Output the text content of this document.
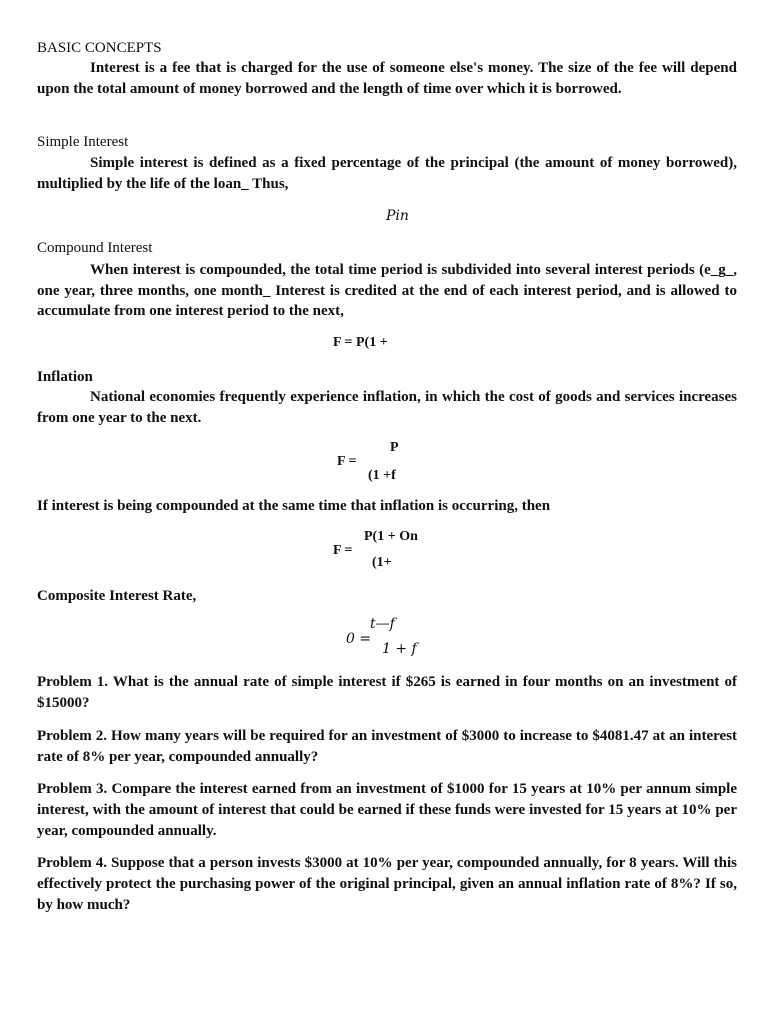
BASIC CONCEPTS
Interest is a fee that is charged for the use of someone else's money. The size of the fee will depend upon the total amount of money borrowed and the length of time over which it is borrowed.
Simple Interest
Simple interest is defined as a fixed percentage of the principal (the amount of money borrowed), multiplied by the life of the loan_ Thus,
Pin
Compound Interest
When interest is compounded, the total time period is subdivided into several interest periods (e_g_, one year, three months, one month_ Interest is credited at the end of each interest period, and is allowed to accumulate from one interest period to the next,
F = P(1 +
Inflation
National economies frequently experience inflation, in which the cost of goods and services increases from one year to the next.
P
F =
(1 +f
If interest is being compounded at the same time that inflation is occurring, then
P(1 + On
F =
(1+
Composite Interest Rate,
t—f
0 =
1 + f
Problem 1. What is the annual rate of simple interest if $265 is earned in four months on an investment of $15000?
Problem 2. How many years will be required for an investment of $3000 to increase to $4081.47 at an interest rate of 8% per year, compounded annually?
Problem 3. Compare the interest earned from an investment of $1000 for 15 years at 10% per annum simple interest, with the amount of interest that could be earned if these funds were invested for 15 years at 10% per year, compounded annually.
Problem 4. Suppose that a person invests $3000 at 10% per year, compounded annually, for 8 years. Will this effectively protect the purchasing power of the original principal, given an annual inflation rate of 8%? If so, by how much?
